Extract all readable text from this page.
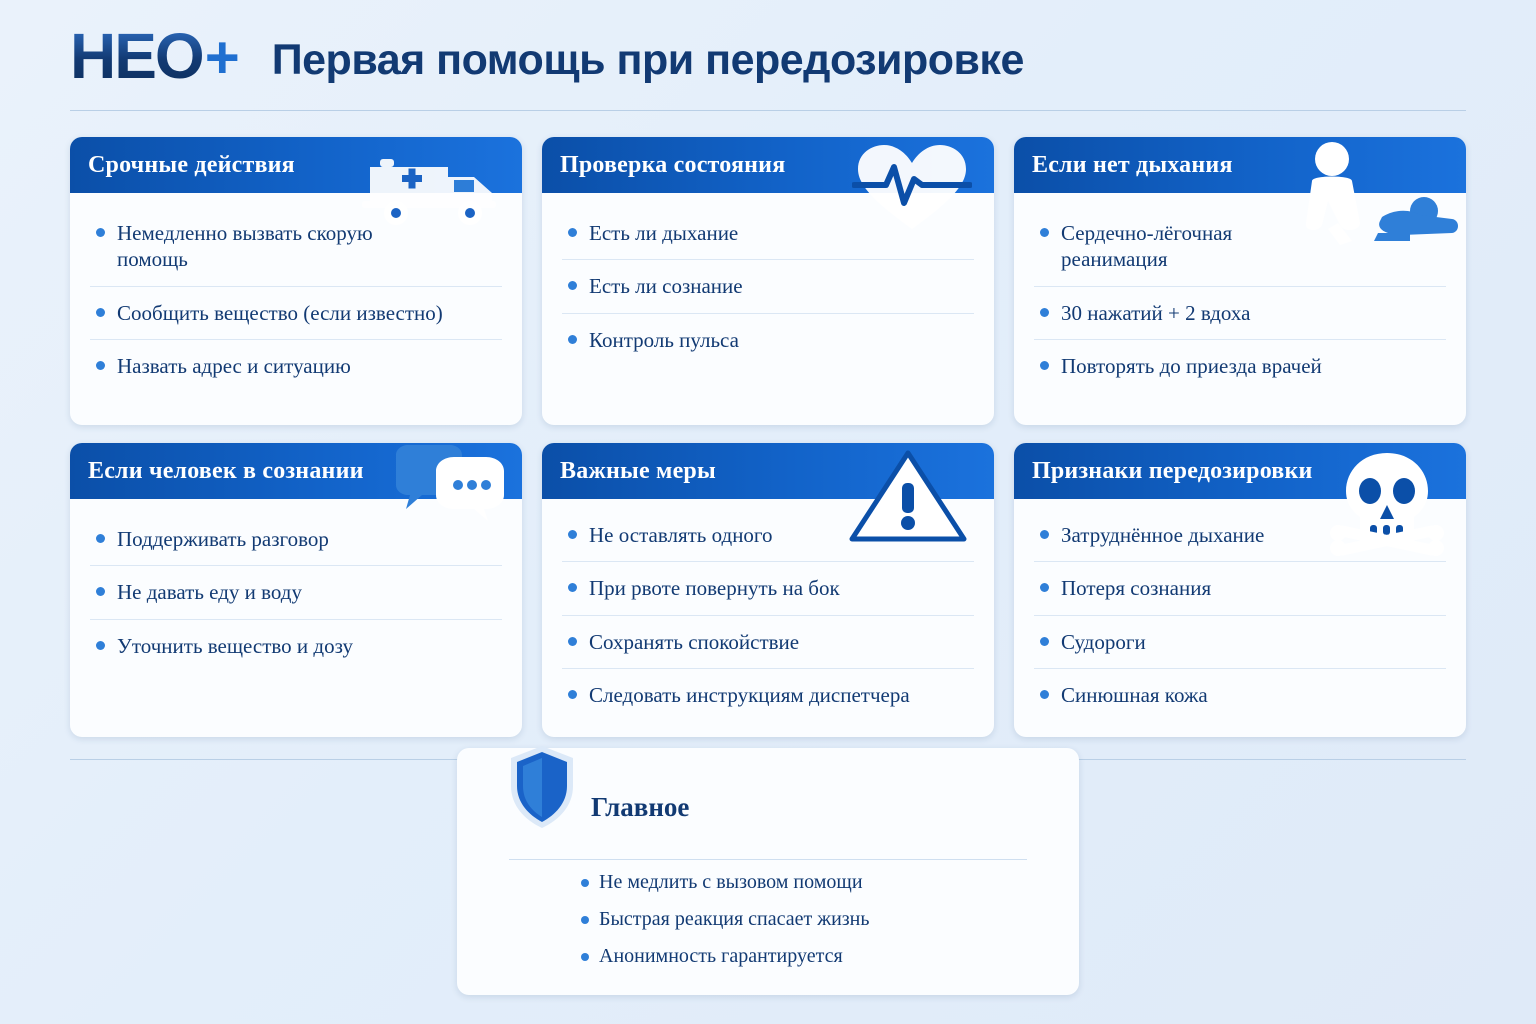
HEO + Первая помощь при передозировке
Срочные действия
Немедленно вызвать скорую помощь
Сообщить вещество (если известно)
Назвать адрес и ситуацию
Проверка состояния
Есть ли дыхание
Есть ли сознание
Контроль пульса
Если нет дыхания
Сердечно-лёгочная реанимация
30 нажатий + 2 вдоха
Повторять до приезда врачей
Если человек в сознании
Поддерживать разговор
Не давать еду и воду
Уточнить вещество и дозу
Важные меры
Не оставлять одного
При рвоте повернуть на бок
Сохранять спокойствие
Следовать инструкциям диспетчера
Признаки передозировки
Затруднённое дыхание
Потеря сознания
Судороги
Синюшная кожа
Главное
Не медлить с вызовом помощи
Быстрая реакция спасает жизнь
Анонимность гарантируется
